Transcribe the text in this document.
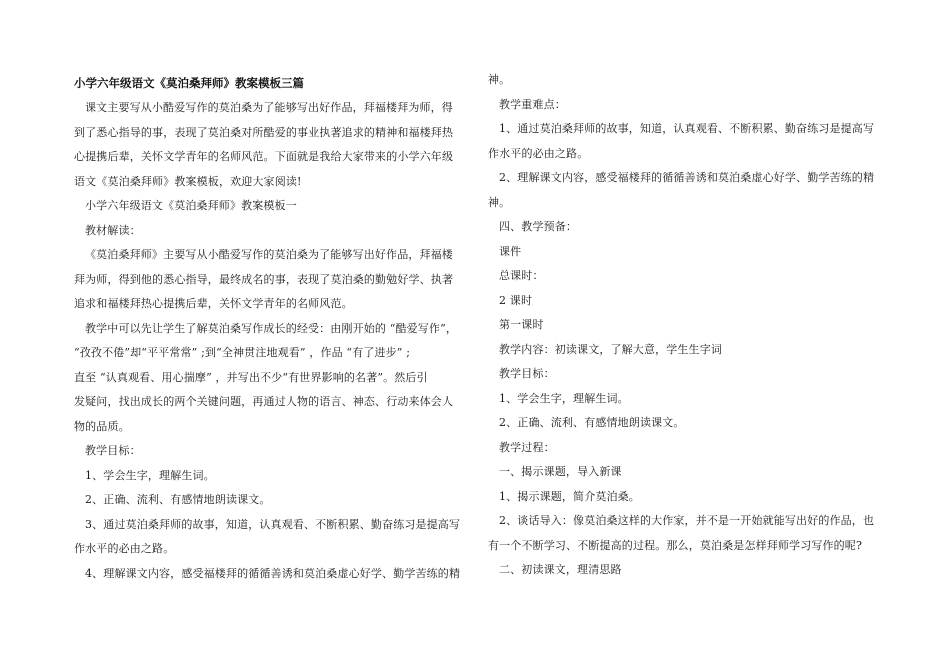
小学六年级语文《莫泊桑拜师》教案模板三篇

课文主要写从小酷爱写作的莫泊桑为了能够写出好作品，拜福楼拜为师，得

到了悉心指导的事，表现了莫泊桑对所酷爱的事业执著追求的精神和福楼拜热

心提携后辈，关怀文学青年的名师风范。下面就是我给大家带来的小学六年级

语文《莫泊桑拜师》教案模板，欢迎大家阅读!

小学六年级语文《莫泊桑拜师》教案模板一

教材解读：

《莫泊桑拜师》主要写从小酷爱写作的莫泊桑为了能够写出好作品，拜福楼

拜为师，得到他的悉心指导，最终成名的事，表现了莫泊桑的勤勉好学、执著

追求和福楼拜热心提携后辈，关怀文学青年的名师风范。

教学中可以先让学生了解莫泊桑写作成长的经受：由刚开始的 “酷爱写作”，

“孜孜不倦”却“平平常常” ;到“全神贯注地观看” ，作品 “有了进步” ;

直至 “认真观看、用心揣摩” ，并写出不少“有世界影响的名著”。然后引

发疑问，找出成长的两个关键问题，再通过人物的语言、神态、行动来体会人

物的品质。

教学目标：

1、学会生字，理解生词。

2、正确、流利、有感情地朗读课文。

3、通过莫泊桑拜师的故事，知道，认真观看、不断积累、勤奋练习是提高写

作水平的必由之路。

4、理解课文内容，感受福楼拜的循循善诱和莫泊桑虚心好学、勤学苦练的精

神。

教学重难点：

1、通过莫泊桑拜师的故事，知道，认真观看、不断积累、勤奋练习是提高写

作水平的必由之路。

2、理解课文内容，感受福楼拜的循循善诱和莫泊桑虚心好学、勤学苦练的精

神。

四、教学预备：

课件

总课时：

2 课时

第一课时

教学内容：初读课文，了解大意，学生生字词

教学目标：

1、学会生字，理解生词。

2、正确、流利、有感情地朗读课文。

教学过程：

一、揭示课题，导入新课

1、揭示课题，简介莫泊桑。

2、谈话导入：像莫泊桑这样的大作家，并不是一开始就能写出好的作品，也

有一个不断学习、不断提高的过程。那么，莫泊桑是怎样拜师学习写作的呢?

二、初读课文，理清思路
